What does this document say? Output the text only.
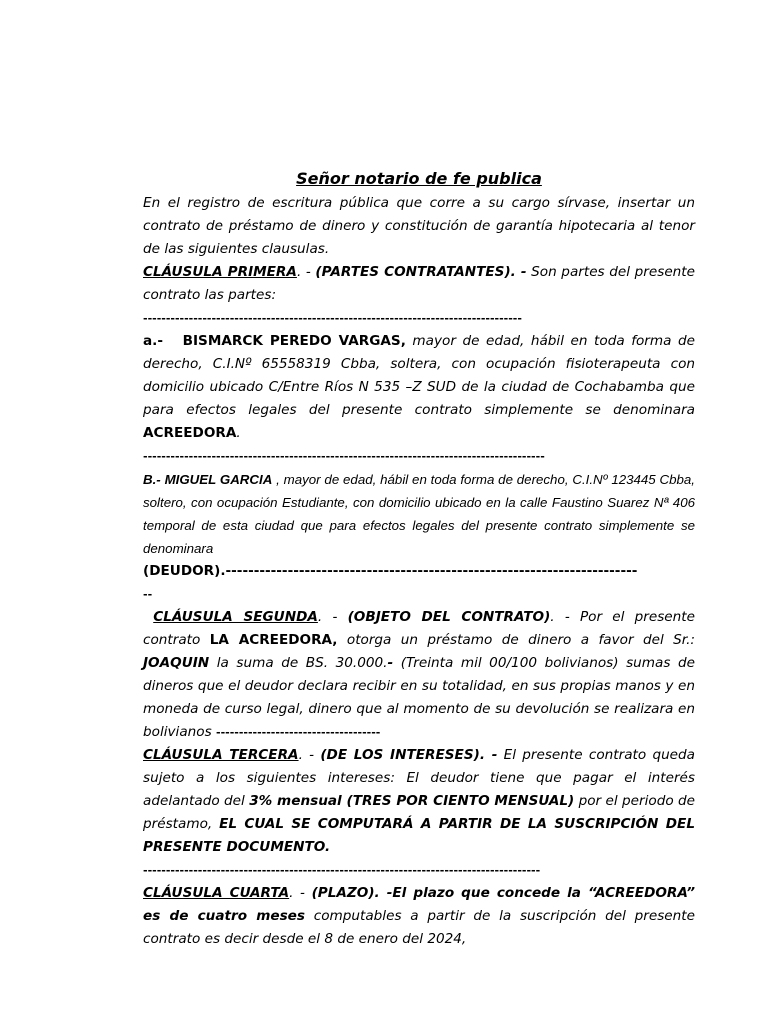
Señor notario de fe publica

En el registro de escritura pública que corre a su cargo sírvase, insertar un contrato de préstamo de dinero y constitución de garantía hipotecaria al tenor de las siguientes clausulas.

CLÁUSULA PRIMERA. - (PARTES CONTRATANTES). - Son partes del presente contrato las partes:

-----------------------------------------------------------------------------------

a.- BISMARCK PEREDO VARGAS, mayor de edad, hábil en toda forma de derecho, C.I.Nº 65558319 Cbba, soltera, con ocupación fisioterapeuta con domicilio ubicado C/Entre Ríos N 535 –Z SUD de la ciudad de Cochabamba que para efectos legales del presente contrato simplemente se denominara ACREEDORA.

----------------------------------------------------------------------------------------

B.- MIGUEL GARCIA , mayor de edad, hábil en toda forma de derecho, C.I.Nº 123445 Cbba, soltero, con ocupación Estudiante, con domicilio ubicado en la calle Faustino Suarez Nª 406 temporal de esta ciudad que para efectos legales del presente contrato simplemente se denominara

(DEUDOR).-------------------------------------------------------------------------
--

CLÁUSULA SEGUNDA. - (OBJETO DEL CONTRATO). - Por el presente contrato LA ACREEDORA, otorga un préstamo de dinero a favor del Sr.: JOAQUIN la suma de BS. 30.000.- (Treinta mil 00/100 bolivianos) sumas de dineros que el deudor declara recibir en su totalidad, en sus propias manos y en moneda de curso legal, dinero que al momento de su devolución se realizara en bolivianos ------------------------------------

CLÁUSULA TERCERA. - (DE LOS INTERESES). - El presente contrato queda sujeto a los siguientes intereses: El deudor tiene que pagar el interés adelantado del 3% mensual (TRES POR CIENTO MENSUAL) por el periodo de préstamo, EL CUAL SE COMPUTARÁ A PARTIR DE LA SUSCRIPCIÓN DEL PRESENTE DOCUMENTO.

---------------------------------------------------------------------------------------

CLÁUSULA CUARTA. - (PLAZO). -El plazo que concede la “ACREEDORA” es de cuatro meses computables a partir de la suscripción del presente contrato es decir desde el 8 de enero del 2024,
